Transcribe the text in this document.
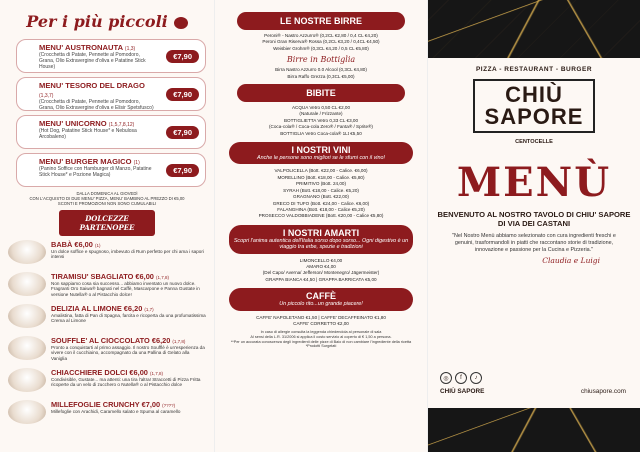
Per i più piccoli
MENU' AUSTRONAUTA (1,3)
(Crocchetta di Patate, Pennette al Pomodoro, Grana, Olio Extravergine d'oliva e Patatine Stick House)
€7,90
MENU' TESORO DEL DRAGO (1,3,7)
(Crocchetta di Patate, Pennette al Pomodoro, Grana, Olio Extravergine d'oliva e Elisir Spetsfusco)
€7,90
MENU' UNICORNO (1,5,7,8,12)
(Hot Dog, Patatine Stick House* e Nebulosa Arcobaleno)	€7,90
MENU' BURGER MAGICO (1)
(Panino Soffice con Hamburger di Manzo, Patatine Stick House* e Pozione Magica)	€7,90
DALLA DOMENICA AL GIOVEDÌ
CON L'ACQUISTO DI DUE MENU' PIZZA, MENU' BAMBINO AL PREZZO DI €5,00
SCONTI E PROMOZIONI NON SONO CUMULABILI
DOLCEZZE PARTENOPEE
BABÀ €6,00 (1)
Un dolce soffice e spugnoso, imbevuto di Rum perfetto per chi ama i sapori intensi
TIRAMISU' SBAGLIATO €6,00 (1,7,8)
Non sappiamo cosa sia successo... abbiamo inventato un nuovo dolce. Fragranti Oro Saiwa® bagnati nel Caffè, Mascarpone e Panna Gustate in versione Nutella® o al Pistacchio dolce!
DELIZIA AL LIMONE €6,20 (1,7)
Amalistina, fatta di Pan di Spagna, farcita e ricoperta da una profumatissima Crema al Limone
SOUFFLE' AL CIOCCOLATO €6,20 (1,7,8)
Pronto a conquistarti al primo assaggio. Il nostro Soufflè è un'esperienza da vivere con il cucchiaino, accompagnato da una Pallina di Gelato alla Vaniglia
CHIACCHIERE DOLCI €6,00 (1,7,8)
Condivisible, Gustate... ma attenti: una tira l'altra! Straccetti di Pizza Fritta ricoperte da un velo di zucchero o Nutella® o al Pistacchio dolce
MILLEFOGLIE CRUNCHY €7,00 (????)
Millefoglie con Arachidi, Caramello salato e Spuma al caramello
LE NOSTRE BIRRE
Peroni® - Nastro Azzurro® (0,2CL €2,80 / 0,4 CL €4,20)
Peroni Gran Riserva® Rossa (0,2CL €3,20 / 0,4CL €4,50)
Weisbier Grohm® (0,3CL €4,20 / 0,5 CL €5,80)
Birre in Bottiglia
Birra Nastro Azzurro 0.0 Alcool (0,3CL €4,80)
Birra Raffo Grezza (0,3CL €5,00)
BIBITE
ACQUA Vetro 0,50 CL €2,00
(Naturale / Frizzante)
BOTTIGLIETTA Vetro 0,33 CL €3,00
(Coca-cola® / Coca-cola Zero® / Fanta® / Sprite®)
BOTTIGLIA Vetro Coca-cola® 1Lt €5,50
I NOSTRI VINI
Anche le persone sono migliori se le sfumi con il vino!
VALPOLICELLA (Bott. €22,00 - Calice. €6,00)
MORELLINO (Bott. €18,00 - Calice. €5,80)
PRIMITIVO (Bott. 24,00)
SYRAH (Bott. €18,00 - Calice. €5,20)
GRAGNANO (Bott. €22,00)
GRECO DI TUFO (Bott. €24,00 - Calice. €6,00)
FALANGHINA (Bott. €18,00 - Calice €5,20)
PROSECCO VALDOBBIADENE (Bott. €20,00 - Calice €5,80)
I NOSTRI AMARTI
Scopri l'anima autentica dell'Italia sorso dopo sorso... Ogni digestivo è un viaggio tra erbe, spezie e tradizioni
LIMONCELLO €4,00
AMARO €4,00
(Del Capo/ Averna/ Jefferson/ Montenegro/ Jägermeister)
GRAPPA BIANCA €4,50 | GRAPPA BARRICATA €5,00
CAFFÈ
Un piccolo rito...un grande piacere!
CAFFE' NAPOLETANO €1,50 | CAFFE' DECAFFEINATO €1,80
CAFFE' CORRETTO €2,00
In caso di allergie consulta la leggenda chiedendola al personale di sala
Al sensi della L.R. 31/2006 si applica il costo servizio al coperto di € 1,50 a persona.
**Per un accurata conoscenza degli ingredienti delle pizze di Baio di non cambiare l'ingrediente della ricetta
*Prodotti Surgelati
PIZZA - RESTAURANT - BURGER
CHIÙ
SAPORE
CENTOCELLE
MENÙ
BENVENUTO AL NOSTRO TAVOLO DI CHIU' SAPORE DI VIA DEI CASTANI
"Nel Nostro Menù abbiamo selezionato con cura ingredienti freschi e genuini, trasformandoli in piatti che raccontano storie di tradizione, innovazione e passione per la Cucina e Pizzeria."
Claudia e Luigi
◎	f	♪
CHIÙ SAPORE	chiusapore.com
